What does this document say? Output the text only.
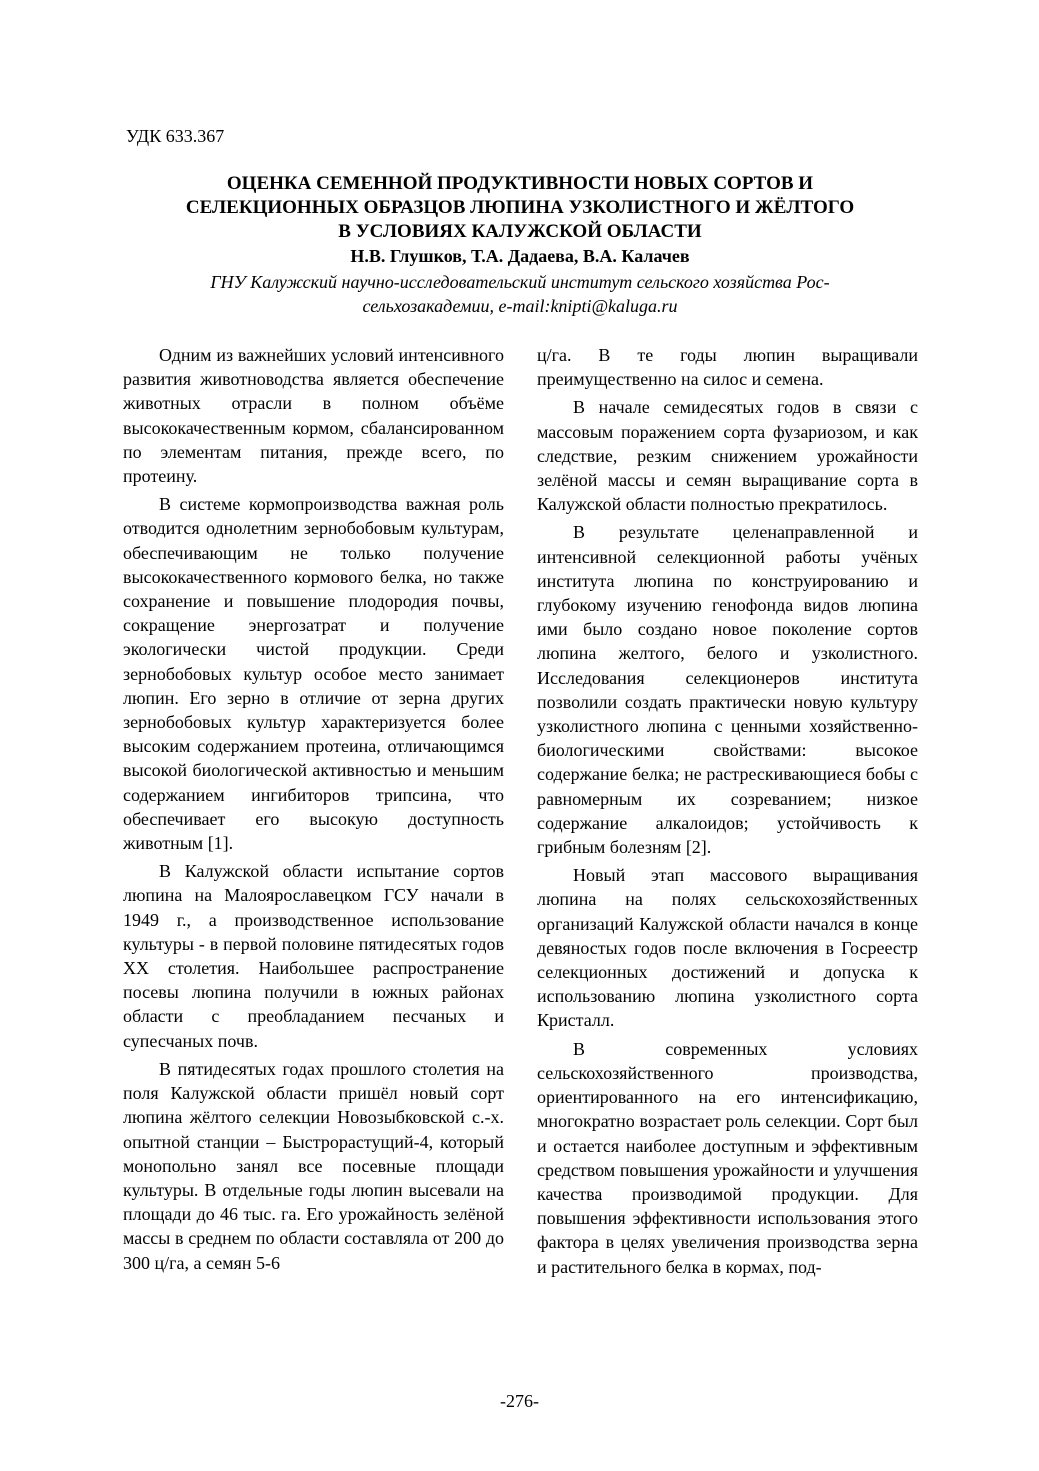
УДК 633.367
ОЦЕНКА СЕМЕННОЙ ПРОДУКТИВНОСТИ НОВЫХ СОРТОВ И
СЕЛЕКЦИОННЫХ ОБРАЗЦОВ ЛЮПИНА УЗКОЛИСТНОГО И ЖЁЛТОГО
В УСЛОВИЯХ КАЛУЖСКОЙ ОБЛАСТИ
Н.В. Глушков, Т.А. Дадаева, В.А. Калачев
ГНУ Калужский научно-исследовательский институт сельского хозяйства Рос-
сельхозакадемии, e-mail:knipti@kaluga.ru

Одним из важнейших условий интенсивного развития животноводства является обеспечение животных отрасли в полном объёме высококачественным кормом, сбалансированном по элементам питания, прежде всего, по протеину.

В системе кормопроизводства важная роль отводится однолетним зернобобовым культурам, обеспечивающим не только получение высококачественного кормового белка, но также сохранение и повышение плодородия почвы, сокращение энергозатрат и получение экологически чистой продукции. Среди зернобобовых культур особое место занимает люпин. Его зерно в отличие от зерна других зернобобовых культур характеризуется более высоким содержанием протеина, отличающимся высокой биологической активностью и меньшим содержанием ингибиторов трипсина, что обеспечивает его высокую доступность животным [1].

В Калужской области испытание сортов люпина на Малоярославецком ГСУ начали в 1949 г., а производственное использование культуры - в первой половине пятидесятых годов XX столетия. Наибольшее распространение посевы люпина получили в южных районах области с преобладанием песчаных и супесчаных почв.

В пятидесятых годах прошлого столетия на поля Калужской области пришёл новый сорт люпина жёлтого селекции Новозыбковской с.-х. опытной станции – Быстрорастущий-4, который монопольно занял все посевные площади культуры. В отдельные годы люпин высевали на площади до 46 тыс. га. Его урожайность зелёной массы в среднем по области составляла от 200 до 300 ц/га, а семян 5-6

ц/га. В те годы люпин выращивали преимущественно на силос и семена.

В начале семидесятых годов в связи с массовым поражением сорта фузариозом, и как следствие, резким снижением урожайности зелёной массы и семян выращивание сорта в Калужской области полностью прекратилось.

В результате целенаправленной и интенсивной селекционной работы учёных института люпина по конструированию и глубокому изучению генофонда видов люпина ими было создано новое поколение сортов люпина желтого, белого и узколистного. Исследования селекционеров института позволили создать практически новую культуру узколистного люпина с ценными хозяйственно-биологическими свойствами: высокое содержание белка; не растрескивающиеся бобы с равномерным их созреванием; низкое содержание алкалоидов; устойчивость к грибным болезням [2].

Новый этап массового выращивания люпина на полях сельскохозяйственных организаций Калужской области начался в конце девяностых годов после включения в Госреестр селекционных достижений и допуска к использованию люпина узколистного сорта Кристалл.

В современных условиях сельскохозяйственного производства, ориентированного на его интенсификацию, многократно возрастает роль селекции. Сорт был и остается наиболее доступным и эффективным средством повышения урожайности и улучшения качества производимой продукции. Для повышения эффективности использования этого фактора в целях увеличения производства зерна и растительного белка в кормах, под-

-276-
